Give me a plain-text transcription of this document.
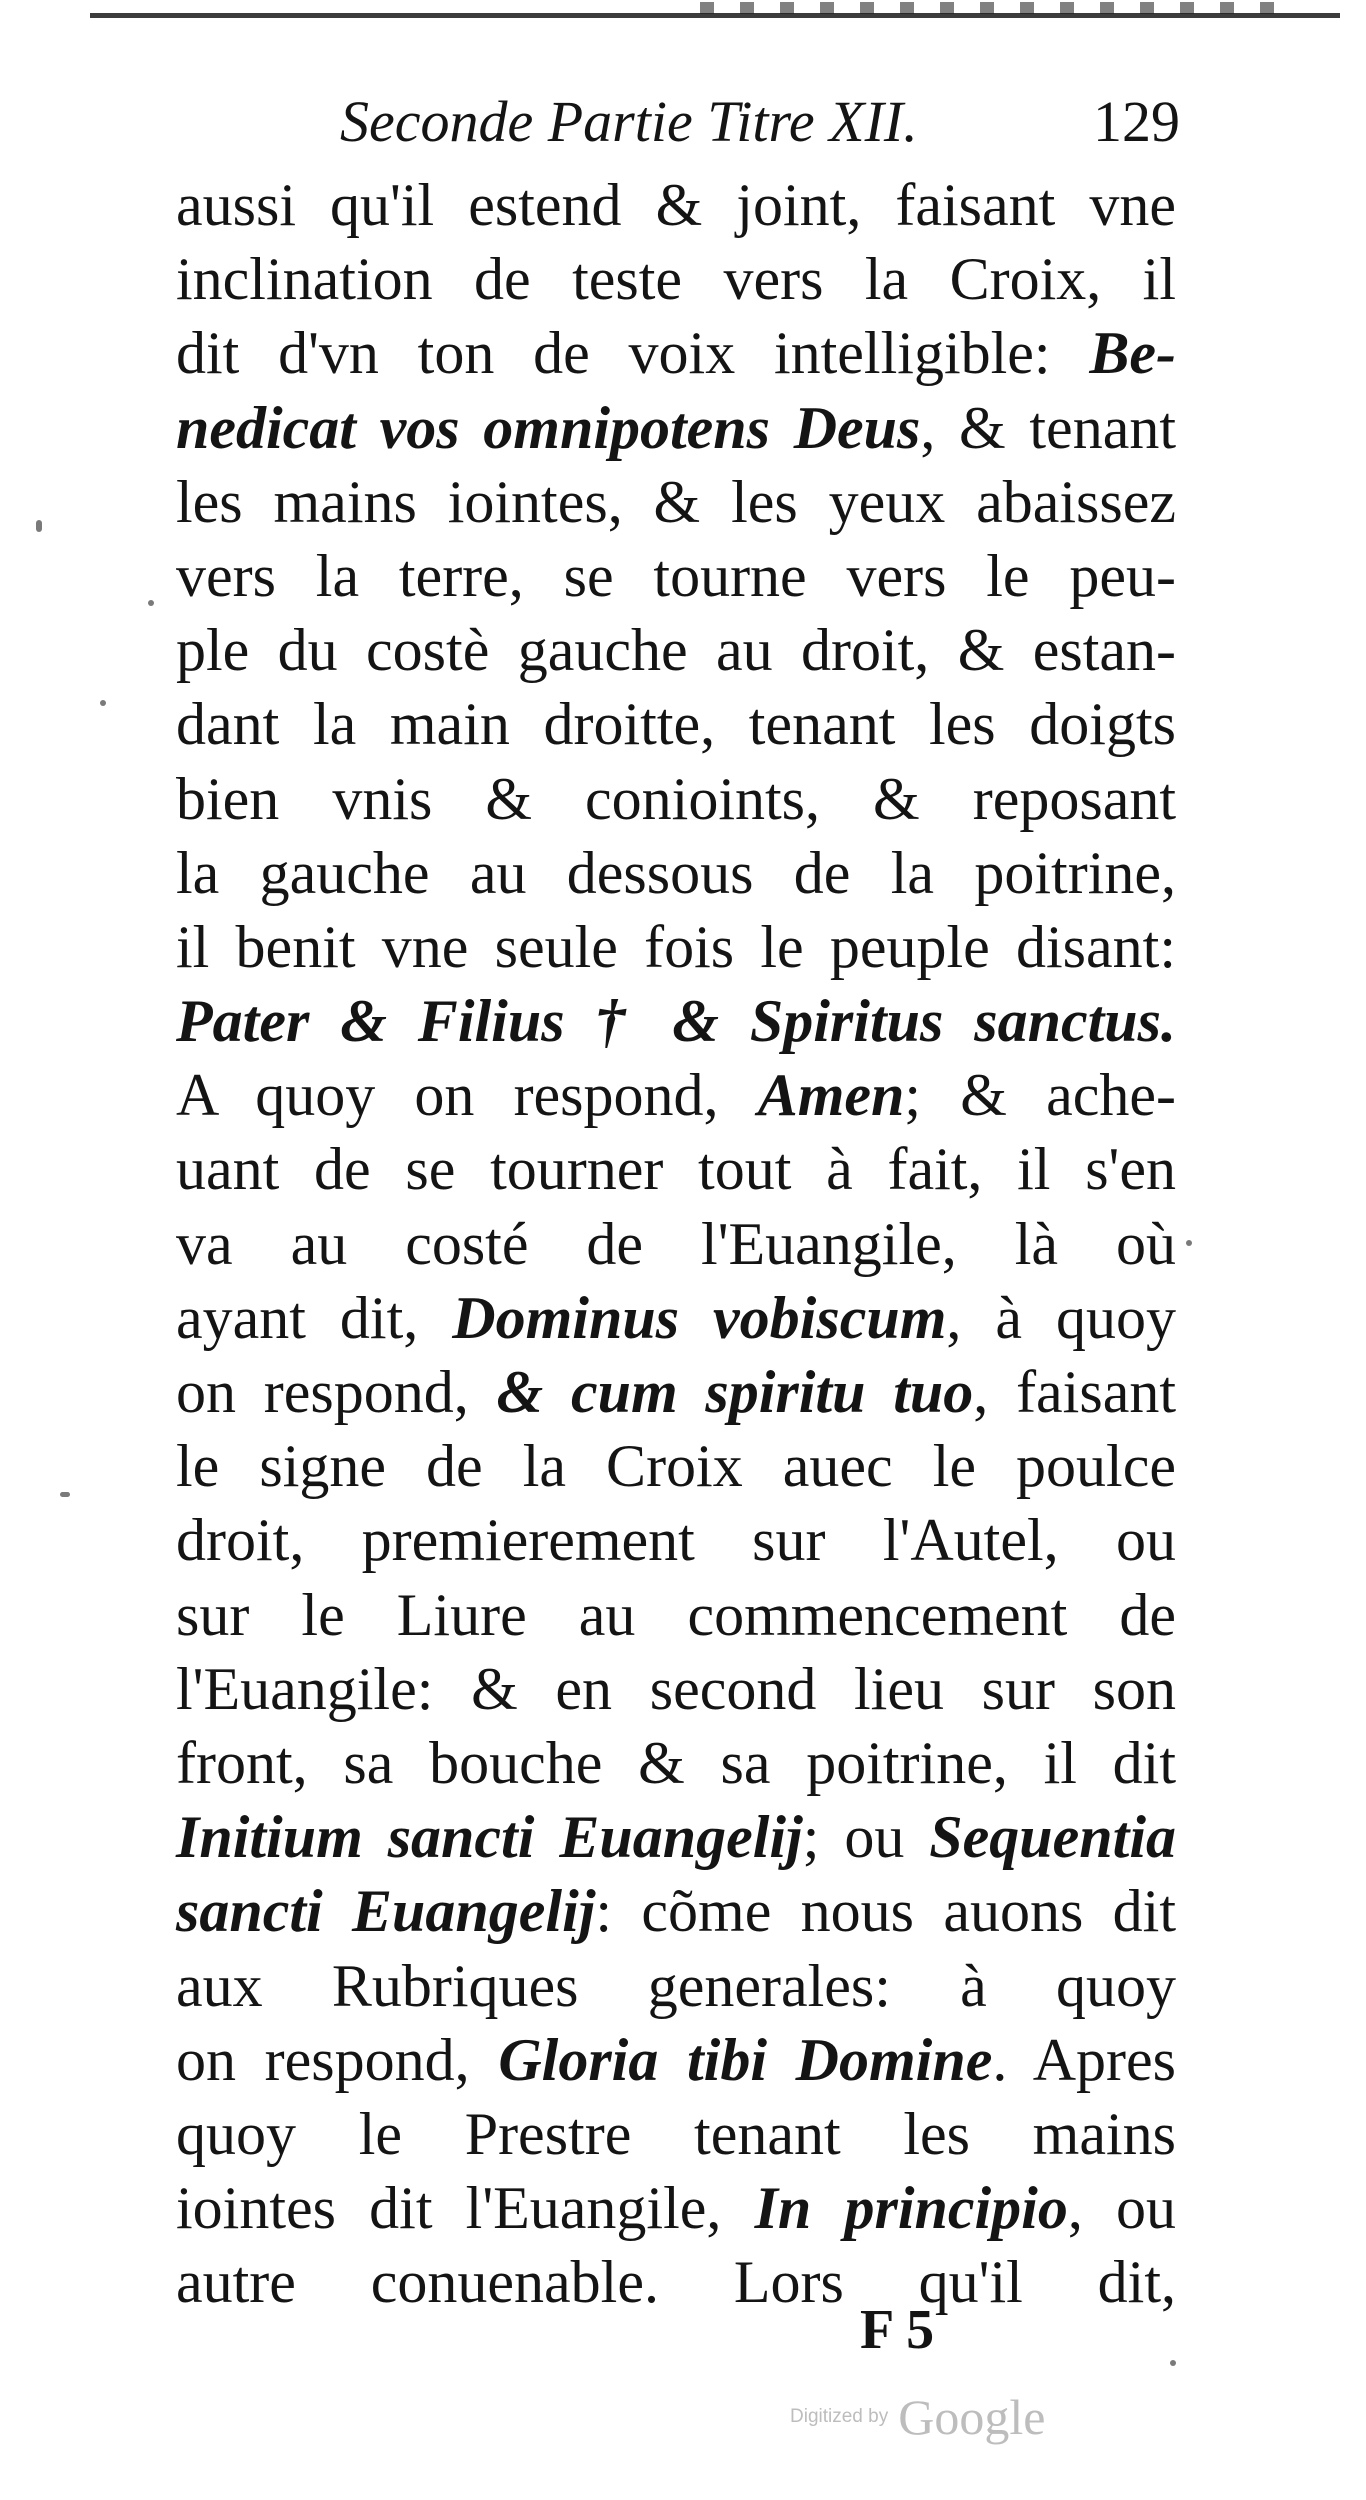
Seconde Partie Titre XII.	129
aussi qu'il estend & joint, faisant vne
inclination de teste vers la Croix, il
dit d'vn ton de voix intelligible: Be-
nedicat vos omnipotens Deus, & tenant
les mains iointes, & les yeux abaissez
vers la terre, se tourne vers le peu-
ple du costè gauche au droit, & estan-
dant la main droitte, tenant les doigts
bien vnis & conioints, & reposant
la gauche au dessous de la poitrine,
il benit vne seule fois le peuple disant:
Pater & Filius † & Spiritus sanctus.
A quoy on respond, Amen; & ache-
uant de se tourner tout à fait, il s'en
va au costé de l'Euangile, là où
ayant dit, Dominus vobiscum, à quoy
on respond, & cum spiritu tuo, faisant
le signe de la Croix auec le poulce
droit, premierement sur l'Autel, ou
sur le Liure au commencement de
l'Euangile: & en second lieu sur son
front, sa bouche & sa poitrine, il dit
Initium sancti Euangelij; ou Sequentia
sancti Euangelij: cõme nous auons dit
aux Rubriques generales: à quoy
on respond, Gloria tibi Domine. Apres
quoy le Prestre tenant les mains
iointes dit l'Euangile, In principio, ou
autre conuenable. Lors qu'il dit,
F 5
Digitized by Google
